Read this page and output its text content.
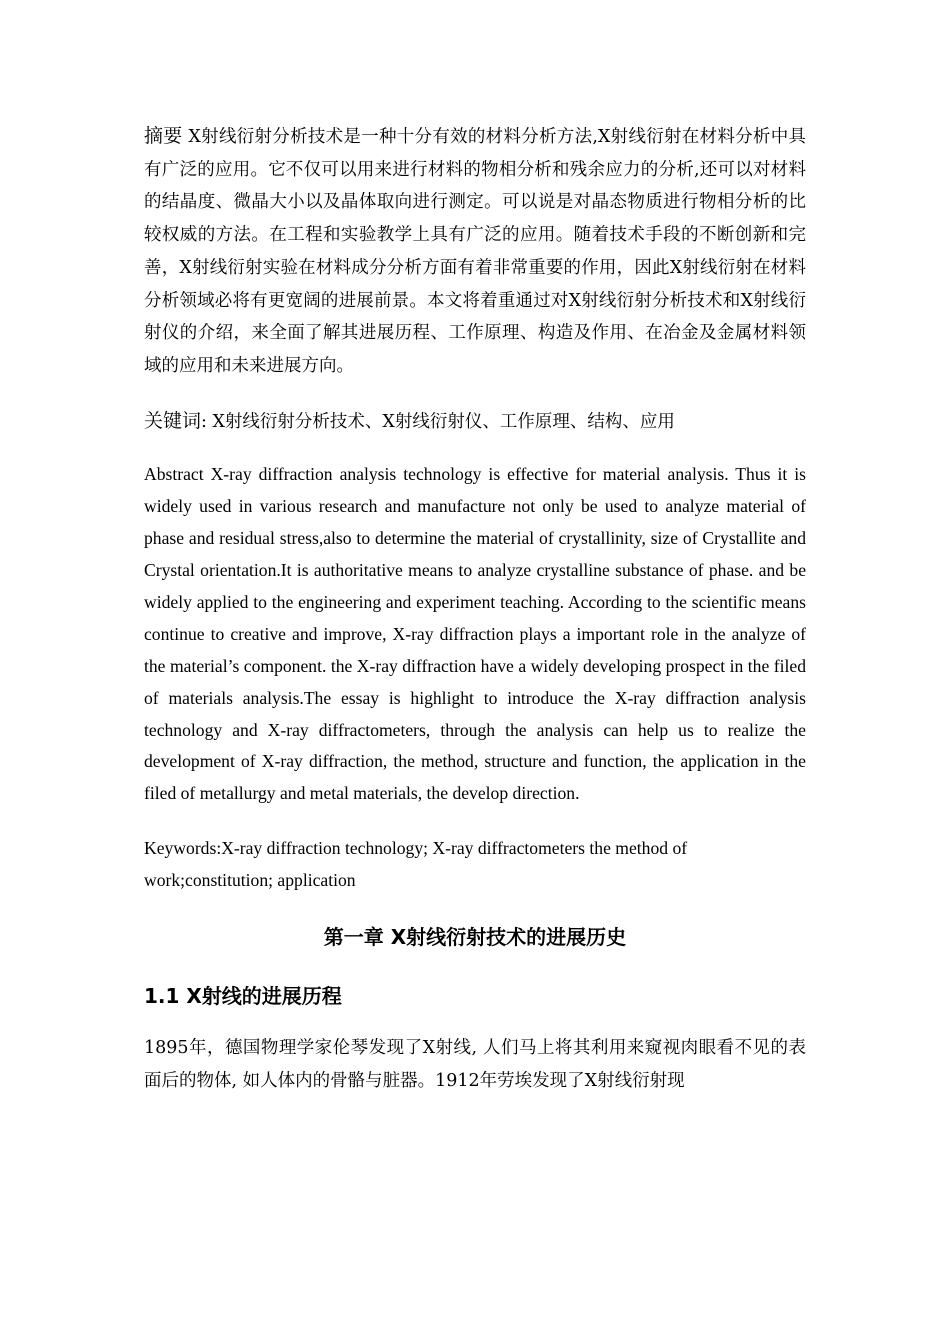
摘要 X射线衍射分析技术是一种十分有效的材料分析方法,X射线衍射在材料分析中具有广泛的应用。它不仅可以用来进行材料的物相分析和残余应力的分析,还可以对材料的结晶度、微晶大小以及晶体取向进行测定。可以说是对晶态物质进行物相分析的比较权威的方法。在工程和实验教学上具有广泛的应用。随着技术手段的不断创新和完善，X射线衍射实验在材料成分分析方面有着非常重要的作用，因此X射线衍射在材料分析领域必将有更宽阔的进展前景。本文将着重通过对X射线衍射分析技术和X射线衍射仪的介绍，来全面了解其进展历程、工作原理、构造及作用、在冶金及金属材料领域的应用和未来进展方向。

关键词: X射线衍射分析技术、X射线衍射仪、工作原理、结构、应用

Abstract X-ray diffraction analysis technology is effective for material analysis. Thus it is widely used in various research and manufacture not only be used to analyze material of phase and residual stress,also to determine the material of crystallinity, size of Crystallite and Crystal orientation.It is authoritative means to analyze crystalline substance of phase. and be widely applied to the engineering and experiment teaching. According to the scientific means continue to creative and improve, X-ray diffraction plays a important role in the analyze of the material’s component. the X-ray diffraction have a widely developing prospect in the filed of materials analysis.The essay is highlight to introduce the X-ray diffraction analysis technology and X-ray diffractometers, through the analysis can help us to realize the development of X-ray diffraction, the method, structure and function, the application in the filed of metallurgy and metal materials, the develop direction.

Keywords:X-ray diffraction technology; X-ray diffractometers the method of work;constitution; application

第一章 X射线衍射技术的进展历史
1.1 X射线的进展历程

1895年，德国物理学家伦琴发现了X射线, 人们马上将其利用来窥视肉眼看不见的表面后的物体, 如人体内的骨骼与脏器。1912年劳埃发现了X射线衍射现
